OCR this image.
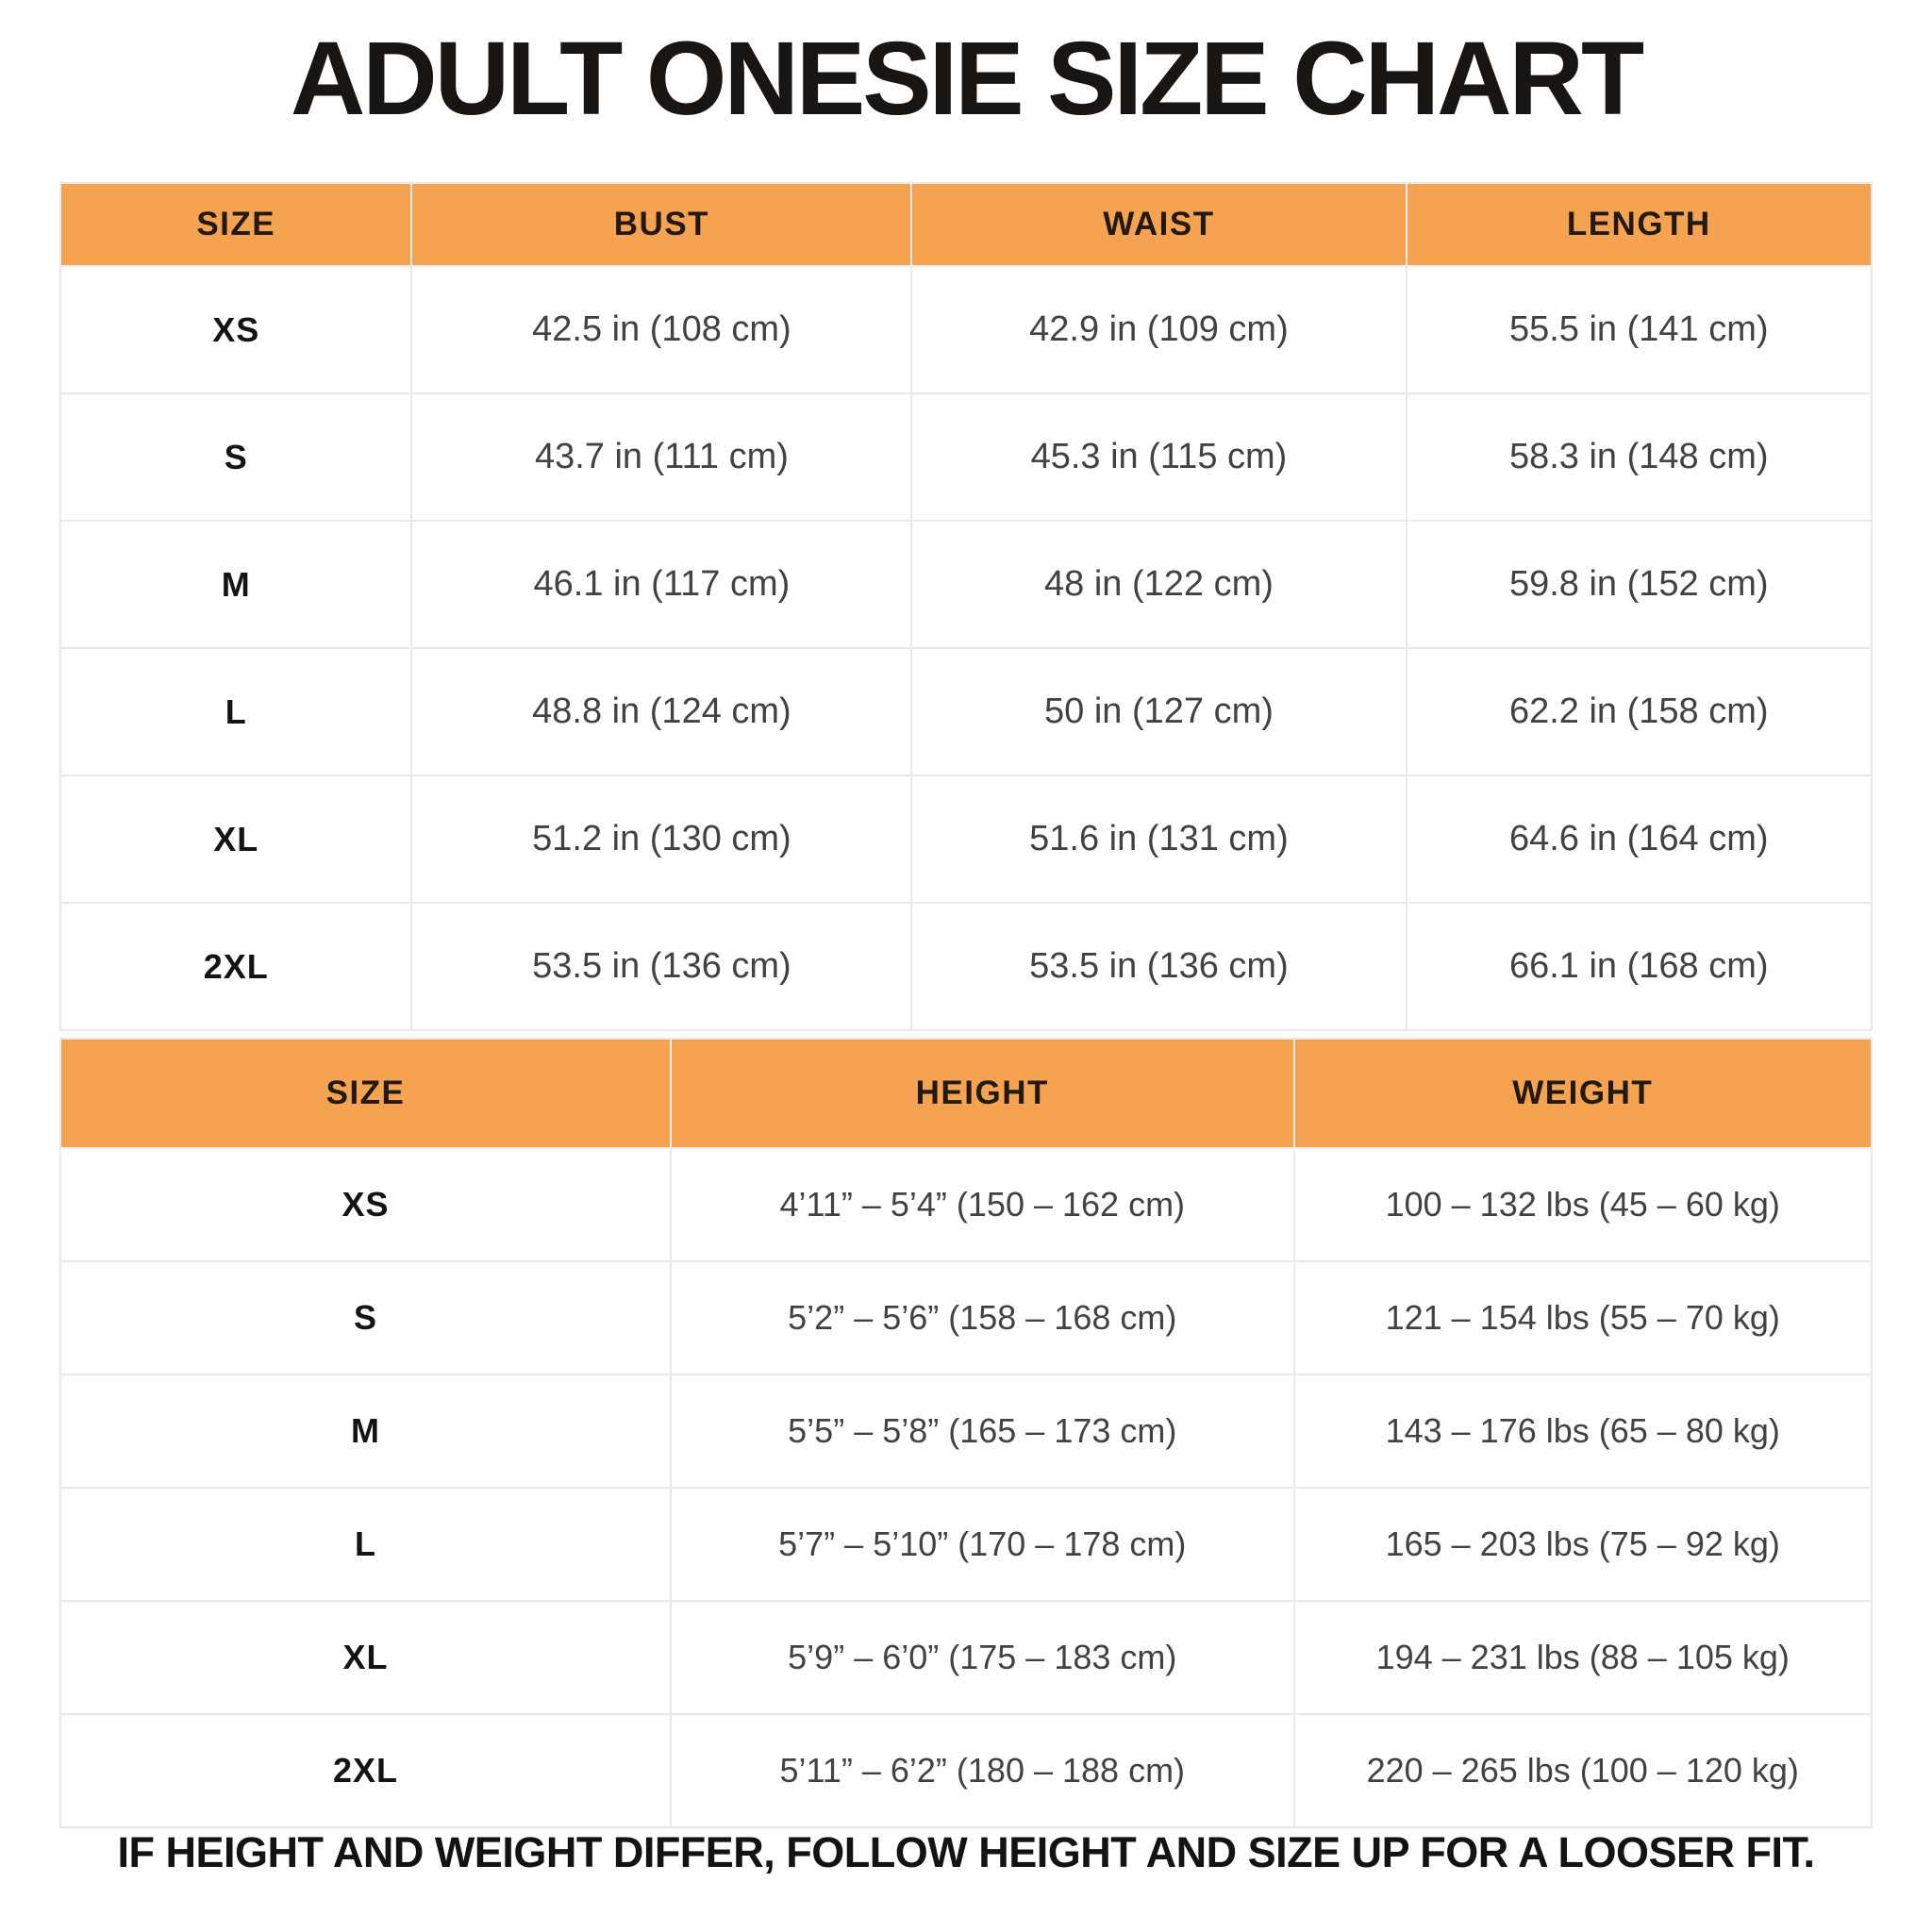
ADULT ONESIE SIZE CHART
SIZE	BUST	WAIST	LENGTH
XS	42.5 in (108 cm)	42.9 in (109 cm)	55.5 in (141 cm)
S	43.7 in (111 cm)	45.3 in (115 cm)	58.3 in (148 cm)
M	46.1 in (117 cm)	48 in (122 cm)	59.8 in (152 cm)
L	48.8 in (124 cm)	50 in (127 cm)	62.2 in (158 cm)
XL	51.2 in (130 cm)	51.6 in (131 cm)	64.6 in (164 cm)
2XL	53.5 in (136 cm)	53.5 in (136 cm)	66.1 in (168 cm)
SIZE	HEIGHT	WEIGHT
XS	4’11” – 5’4” (150 – 162 cm)	100 – 132 lbs (45 – 60 kg)
S	5’2” – 5’6” (158 – 168 cm)	121 – 154 lbs (55 – 70 kg)
M	5’5” – 5’8” (165 – 173 cm)	143 – 176 lbs (65 – 80 kg)
L	5’7” – 5’10” (170 – 178 cm)	165 – 203 lbs (75 – 92 kg)
XL	5’9” – 6’0” (175 – 183 cm)	194 – 231 lbs (88 – 105 kg)
2XL	5’11” – 6’2” (180 – 188 cm)	220 – 265 lbs (100 – 120 kg)
IF HEIGHT AND WEIGHT DIFFER, FOLLOW HEIGHT AND SIZE UP FOR A LOOSER FIT.
